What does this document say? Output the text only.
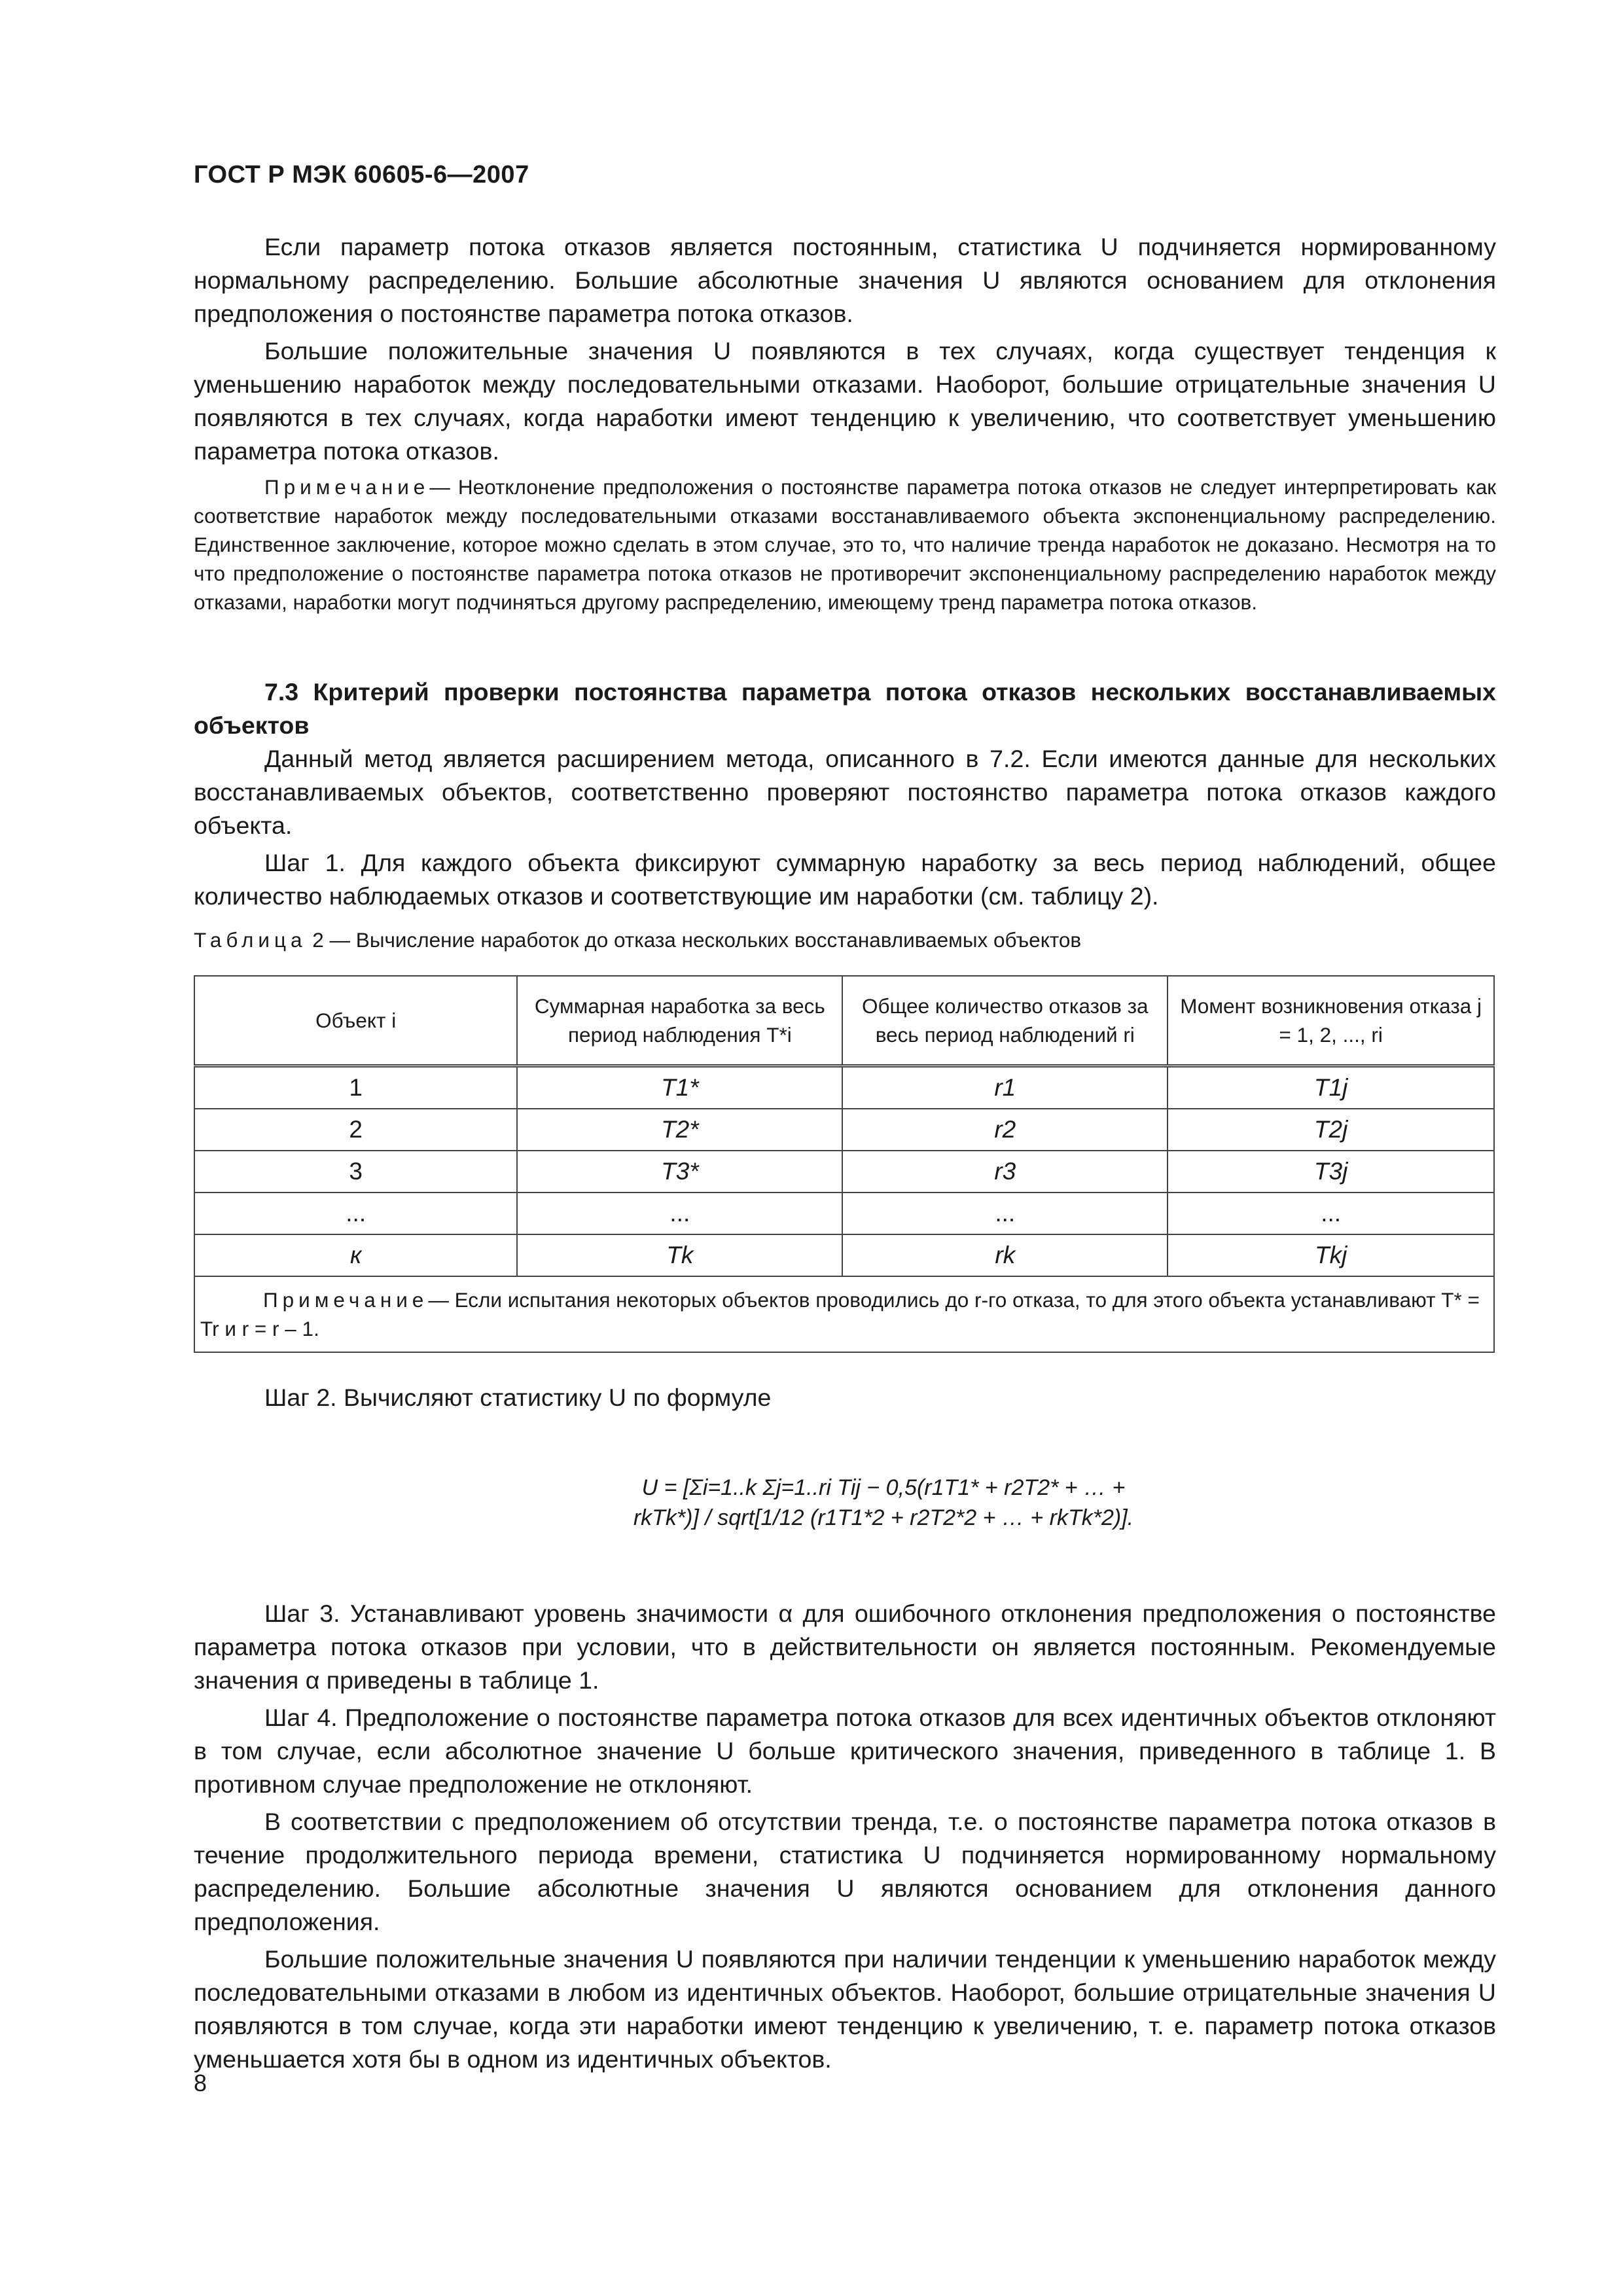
ГОСТ Р МЭК 60605-6—2007

Если параметр потока отказов является постоянным, статистика U подчиняется нормированному нормальному распределению. Большие абсолютные значения U являются основанием для отклонения предположения о постоянстве параметра потока отказов.

Большие положительные значения U появляются в тех случаях, когда существует тенденция к уменьшению наработок между последовательными отказами. Наоборот, большие отрицательные значения U появляются в тех случаях, когда наработки имеют тенденцию к увеличению, что соответствует уменьшению параметра потока отказов.

Примечание— Неотклонение предположения о постоянстве параметра потока отказов не следует интерпретировать как соответствие наработок между последовательными отказами восстанавливаемого объекта экспоненциальному распределению. Единственное заключение, которое можно сделать в этом случае, это то, что наличие тренда наработок не доказано. Несмотря на то что предположение о постоянстве параметра потока отказов не противоречит экспоненциальному распределению наработок между отказами, наработки могут подчиняться другому распределению, имеющему тренд параметра потока отказов.

7.3 Критерий проверки постоянства параметра потока отказов нескольких восстанавливаемых объектов

Данный метод является расширением метода, описанного в 7.2. Если имеются данные для нескольких восстанавливаемых объектов, соответственно проверяют постоянство параметра потока отказов каждого объекта.

Шаг 1. Для каждого объекта фиксируют суммарную наработку за весь период наблюдений, общее количество наблюдаемых отказов и соответствующие им наработки (см. таблицу 2).

Таблица 2 — Вычисление наработок до отказа нескольких восстанавливаемых объектов
Объект i	Суммарная наработка за весь период наблюдения T*i	Общее количество отказов за весь период наблюдений ri	Момент возникновения отказа j = 1, 2, ..., ri
1	T1*	r1	T1j
2	T2*	r2	T2j
3	T3*	r3	T3j
...	...	...	...
к	Tk	rk	Tkj
Примечание— Если испытания некоторых объектов проводились до r-го отказа, то для этого объекта устанавливают T* = Tr и r = r – 1.			

Шаг 2. Вычисляют статистику U по формуле

U = [Σi=1..k Σj=1..ri Tij − 0,5(r1T1* + r2T2* + … + rkTk*)] / sqrt[1/12 (r1T1*2 + r2T2*2 + … + rkTk*2)].

Шаг 3. Устанавливают уровень значимости α для ошибочного отклонения предположения о постоянстве параметра потока отказов при условии, что в действительности он является постоянным. Рекомендуемые значения α приведены в таблице 1.

Шаг 4. Предположение о постоянстве параметра потока отказов для всех идентичных объектов отклоняют в том случае, если абсолютное значение U больше критического значения, приведенного в таблице 1. В противном случае предположение не отклоняют.

В соответствии с предположением об отсутствии тренда, т.е. о постоянстве параметра потока отказов в течение продолжительного периода времени, статистика U подчиняется нормированному нормальному распределению. Большие абсолютные значения U являются основанием для отклонения данного предположения.

Большие положительные значения U появляются при наличии тенденции к уменьшению наработок между последовательными отказами в любом из идентичных объектов. Наоборот, большие отрицательные значения U появляются в том случае, когда эти наработки имеют тенденцию к увеличению, т. е. параметр потока отказов уменьшается хотя бы в одном из идентичных объектов.

8
